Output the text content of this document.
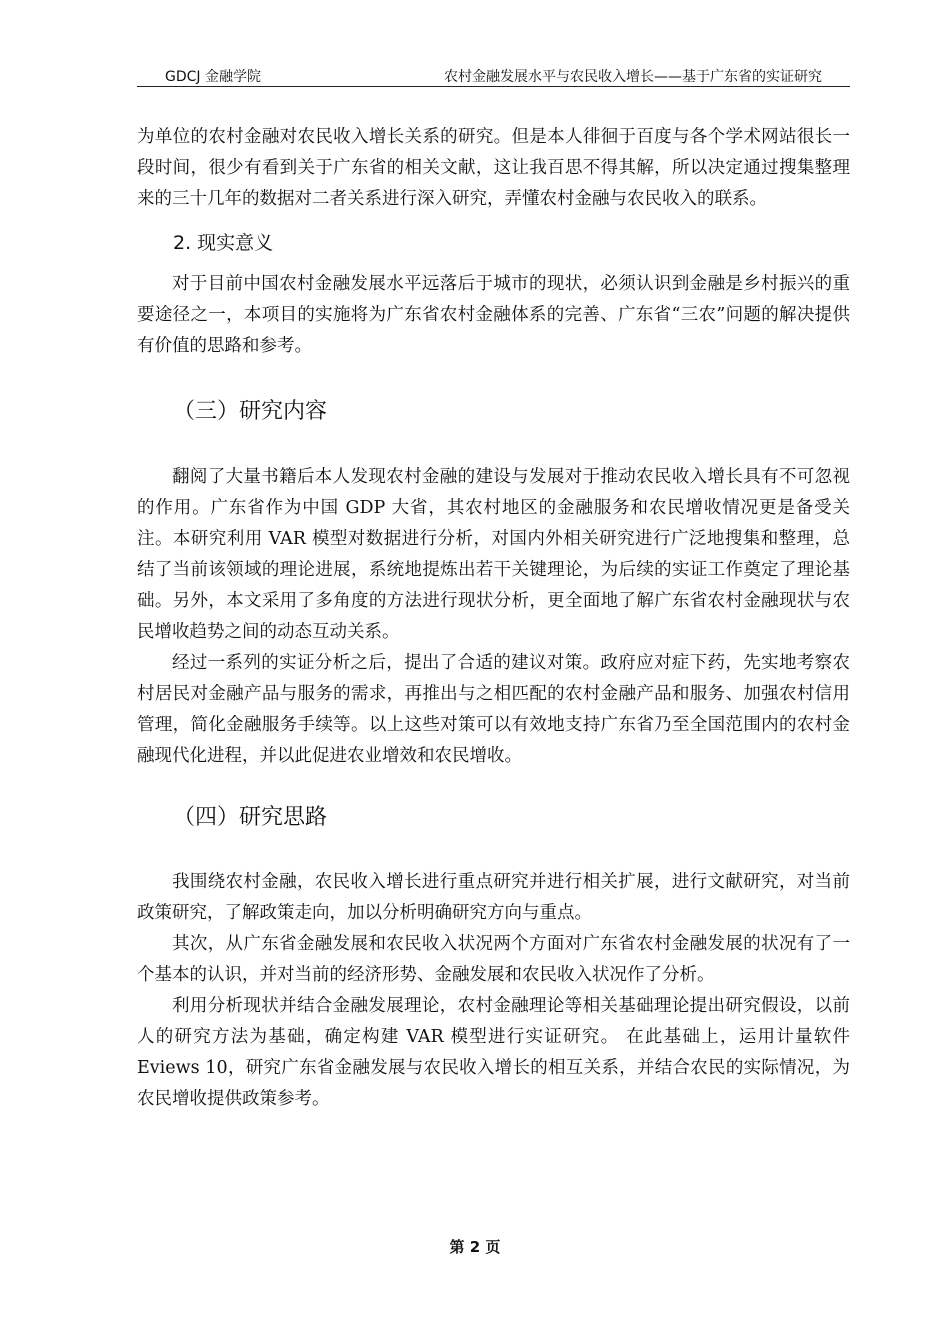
GDCJ 金融学院	农村金融发展水平与农民收入增长——基于广东省的实证研究

为单位的农村金融对农民收入增长关系的研究。但是本人徘徊于百度与各个学术网站很长一段时间，很少有看到关于广东省的相关文献，这让我百思不得其解，所以决定通过搜集整理来的三十几年的数据对二者关系进行深入研究，弄懂农村金融与农民收入的联系。

2. 现实意义

对于目前中国农村金融发展水平远落后于城市的现状，必须认识到金融是乡村振兴的重要途径之一，本项目的实施将为广东省农村金融体系的完善、广东省“三农”问题的解决提供有价值的思路和参考。

（三）研究内容

翻阅了大量书籍后本人发现农村金融的建设与发展对于推动农民收入增长具有不可忽视的作用。广东省作为中国 GDP 大省，其农村地区的金融服务和农民增收情况更是备受关注。本研究利用 VAR 模型对数据进行分析，对国内外相关研究进行广泛地搜集和整理，总结了当前该领域的理论进展，系统地提炼出若干关键理论，为后续的实证工作奠定了理论基础。另外，本文采用了多角度的方法进行现状分析，更全面地了解广东省农村金融现状与农民增收趋势之间的动态互动关系。

经过一系列的实证分析之后，提出了合适的建议对策。政府应对症下药，先实地考察农村居民对金融产品与服务的需求，再推出与之相匹配的农村金融产品和服务、加强农村信用管理，简化金融服务手续等。以上这些对策可以有效地支持广东省乃至全国范围内的农村金融现代化进程，并以此促进农业增效和农民增收。

（四）研究思路

我围绕农村金融，农民收入增长进行重点研究并进行相关扩展，进行文献研究，对当前政策研究，了解政策走向，加以分析明确研究方向与重点。

其次，从广东省金融发展和农民收入状况两个方面对广东省农村金融发展的状况有了一个基本的认识，并对当前的经济形势、金融发展和农民收入状况作了分析。

利用分析现状并结合金融发展理论，农村金融理论等相关基础理论提出研究假设，以前人的研究方法为基础，确定构建 VAR 模型进行实证研究。 在此基础上，运用计量软件 Eviews 10，研究广东省金融发展与农民收入增长的相互关系，并结合农民的实际情况，为农民增收提供政策参考。

第 2 页
